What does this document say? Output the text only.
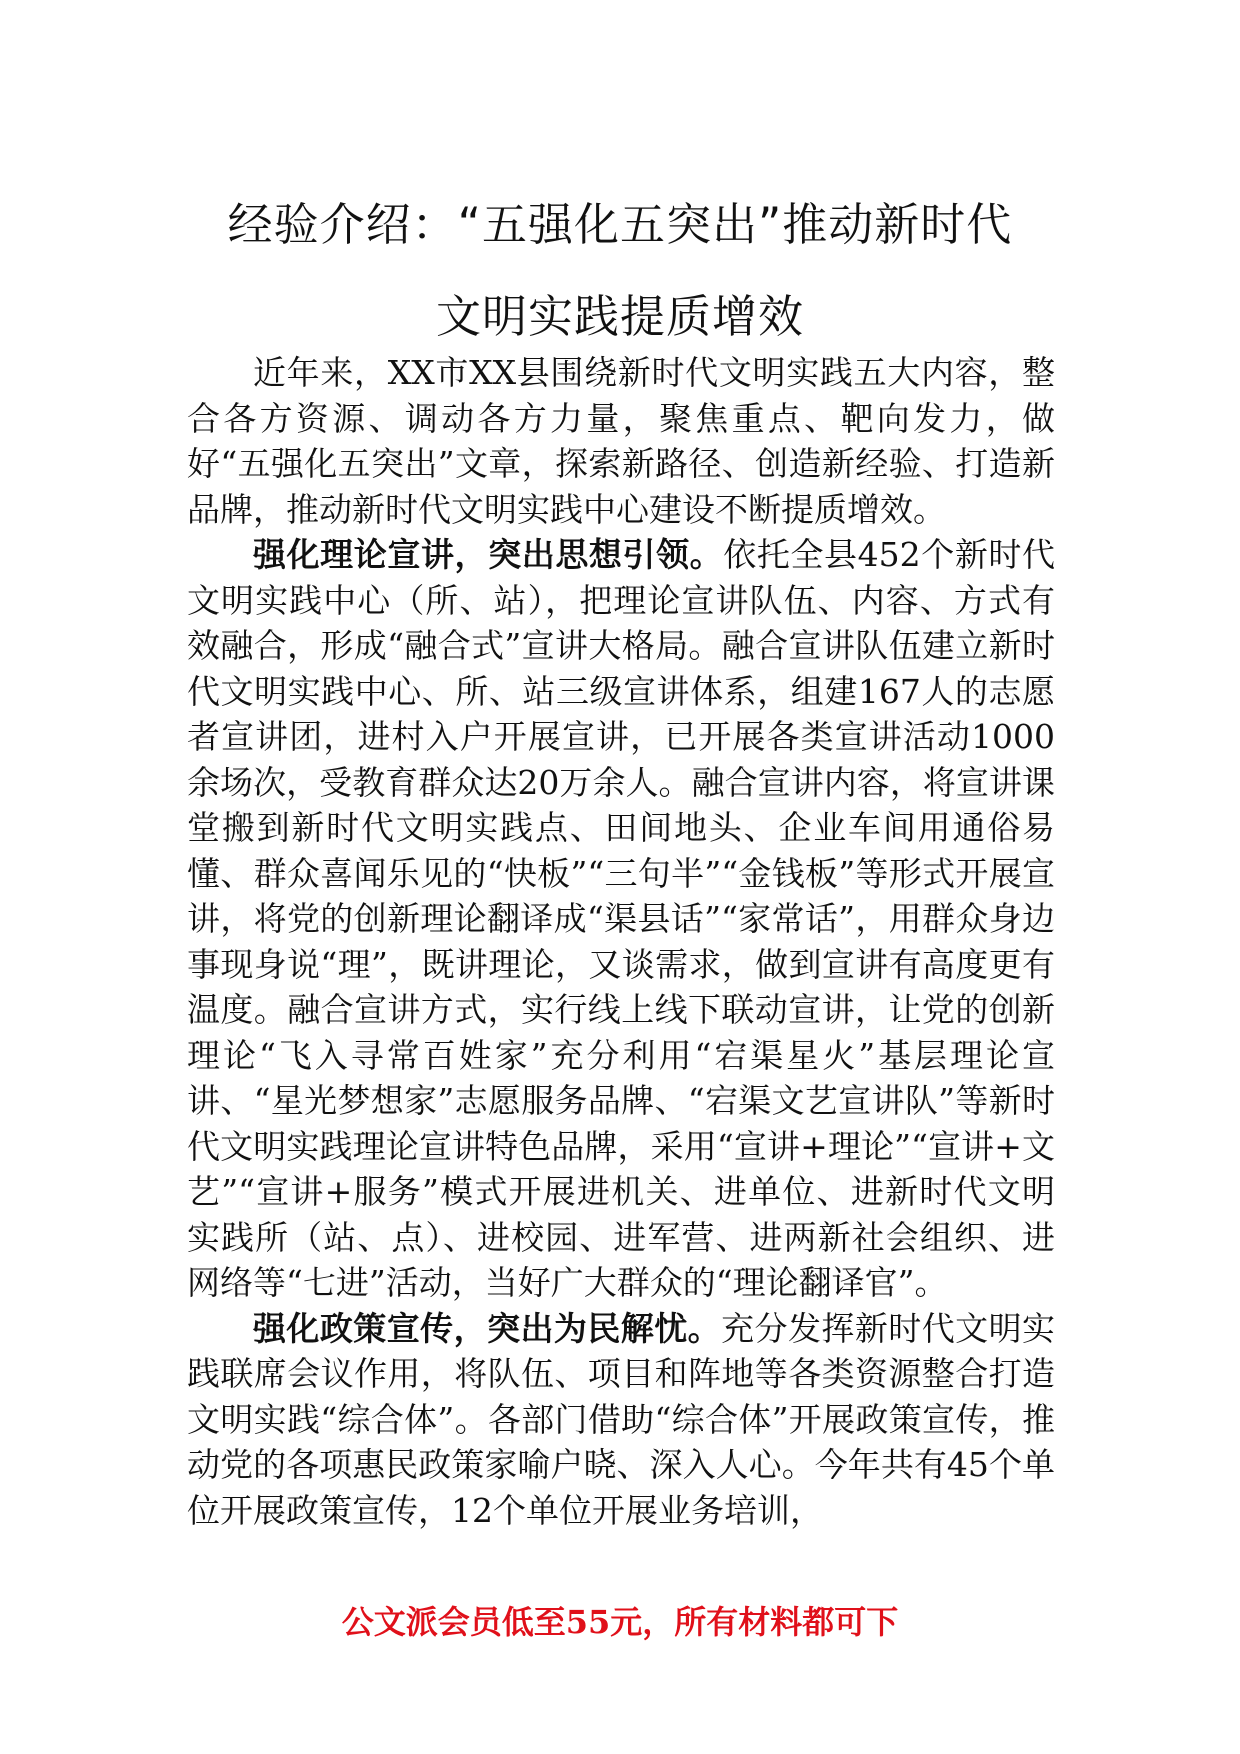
经验介绍：“五强化五突出”推动新时代
文明实践提质增效

近年来，XX市XX县围绕新时代文明实践五大内容，整合各方资源、调动各方力量，聚焦重点、靶向发力，做好“五强化五突出”文章，探索新路径、创造新经验、打造新品牌，推动新时代文明实践中心建设不断提质增效。

强化理论宣讲，突出思想引领。依托全县452个新时代文明实践中心（所、站），把理论宣讲队伍、内容、方式有效融合，形成“融合式”宣讲大格局。融合宣讲队伍建立新时代文明实践中心、所、站三级宣讲体系，组建167人的志愿者宣讲团，进村入户开展宣讲，已开展各类宣讲活动1000余场次，受教育群众达20万余人。融合宣讲内容，将宣讲课堂搬到新时代文明实践点、田间地头、企业车间用通俗易懂、群众喜闻乐见的“快板”“三句半”“金钱板”等形式开展宣讲，将党的创新理论翻译成“渠县话”“家常话”，用群众身边事现身说“理”，既讲理论，又谈需求，做到宣讲有高度更有温度。融合宣讲方式，实行线上线下联动宣讲，让党的创新理论“飞入寻常百姓家”充分利用“宕渠星火”基层理论宣讲、“星光梦想家”志愿服务品牌、“宕渠文艺宣讲队”等新时代文明实践理论宣讲特色品牌，采用“宣讲+理论”“宣讲+文艺”“宣讲+服务”模式开展进机关、进单位、进新时代文明实践所（站、点）、进校园、进军营、进两新社会组织、进网络等“七进”活动，当好广大群众的“理论翻译官”。

强化政策宣传，突出为民解忧。充分发挥新时代文明实践联席会议作用，将队伍、项目和阵地等各类资源整合打造文明实践“综合体”。各部门借助“综合体”开展政策宣传，推动党的各项惠民政策家喻户晓、深入人心。今年共有45个单位开展政策宣传，12个单位开展业务培训，

公文派会员低至55元，所有材料都可下
